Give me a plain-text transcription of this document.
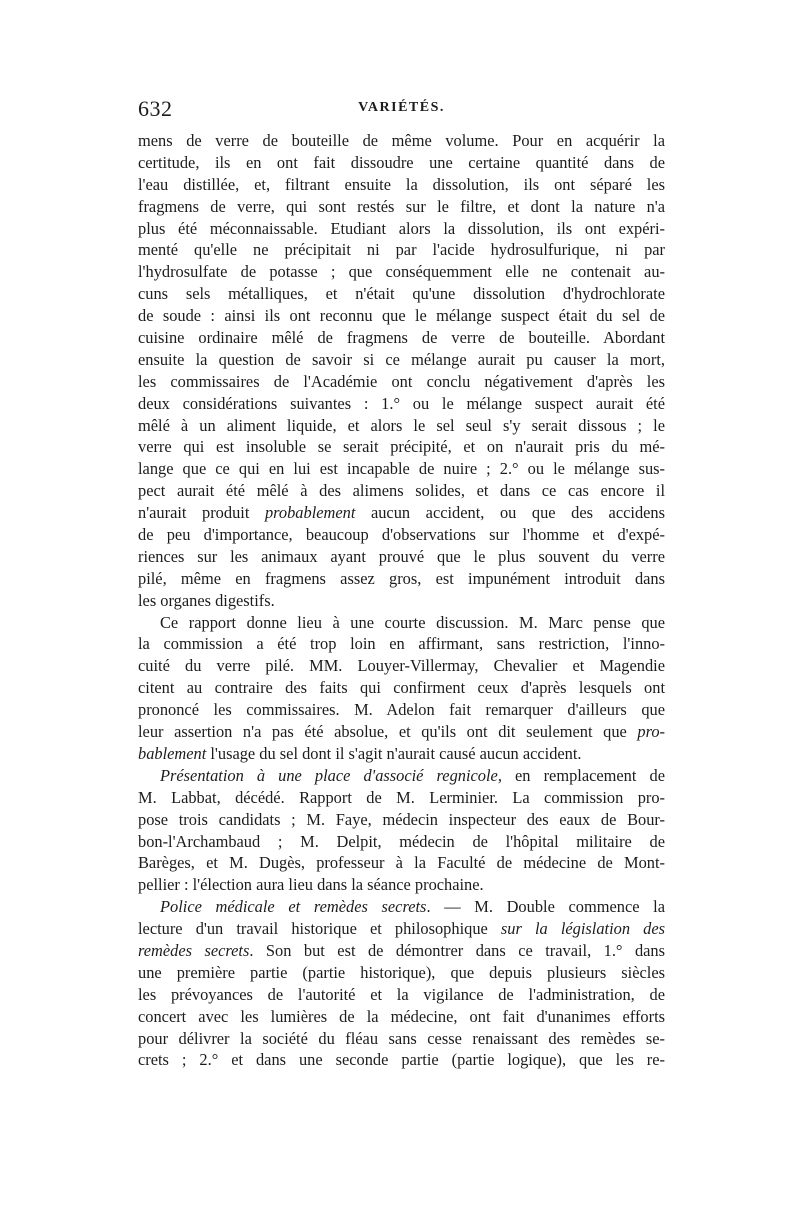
632	VARIÉTÉS.
mens de verre de bouteille de même volume. Pour en acquérir la
certitude, ils en ont fait dissoudre une certaine quantité dans de
l'eau distillée, et, filtrant ensuite la dissolution, ils ont séparé les
fragmens de verre, qui sont restés sur le filtre, et dont la nature n'a
plus été méconnaissable. Etudiant alors la dissolution, ils ont expéri-
menté qu'elle ne précipitait ni par l'acide hydrosulfurique, ni par
l'hydrosulfate de potasse ; que conséquemment elle ne contenait au-
cuns sels métalliques, et n'était qu'une dissolution d'hydrochlorate
de soude : ainsi ils ont reconnu que le mélange suspect était du sel de
cuisine ordinaire mêlé de fragmens de verre de bouteille. Abordant
ensuite la question de savoir si ce mélange aurait pu causer la mort,
les commissaires de l'Académie ont conclu négativement d'après les
deux considérations suivantes : 1.° ou le mélange suspect aurait été
mêlé à un aliment liquide, et alors le sel seul s'y serait dissous ; le
verre qui est insoluble se serait précipité, et on n'aurait pris du mé-
lange que ce qui en lui est incapable de nuire ; 2.° ou le mélange sus-
pect aurait été mêlé à des alimens solides, et dans ce cas encore il
n'aurait produit probablement aucun accident, ou que des accidens
de peu d'importance, beaucoup d'observations sur l'homme et d'expé-
riences sur les animaux ayant prouvé que le plus souvent du verre
pilé, même en fragmens assez gros, est impunément introduit dans
les organes digestifs.
Ce rapport donne lieu à une courte discussion. M. Marc pense que
la commission a été trop loin en affirmant, sans restriction, l'inno-
cuité du verre pilé. MM. Louyer-Villermay, Chevalier et Magendie
citent au contraire des faits qui confirment ceux d'après lesquels ont
prononcé les commissaires. M. Adelon fait remarquer d'ailleurs que
leur assertion n'a pas été absolue, et qu'ils ont dit seulement que pro-
bablement l'usage du sel dont il s'agit n'aurait causé aucun accident.
Présentation à une place d'associé regnicole, en remplacement de
M. Labbat, décédé. Rapport de M. Lerminier. La commission pro-
pose trois candidats ; M. Faye, médecin inspecteur des eaux de Bour-
bon-l'Archambaud ; M. Delpit, médecin de l'hôpital militaire de
Barèges, et M. Dugès, professeur à la Faculté de médecine de Mont-
pellier : l'élection aura lieu dans la séance prochaine.
Police médicale et remèdes secrets. — M. Double commence la
lecture d'un travail historique et philosophique sur la législation des
remèdes secrets. Son but est de démontrer dans ce travail, 1.° dans
une première partie (partie historique), que depuis plusieurs siècles
les prévoyances de l'autorité et la vigilance de l'administration, de
concert avec les lumières de la médecine, ont fait d'unanimes efforts
pour délivrer la société du fléau sans cesse renaissant des remèdes se-
crets ; 2.° et dans une seconde partie (partie logique), que les re-
